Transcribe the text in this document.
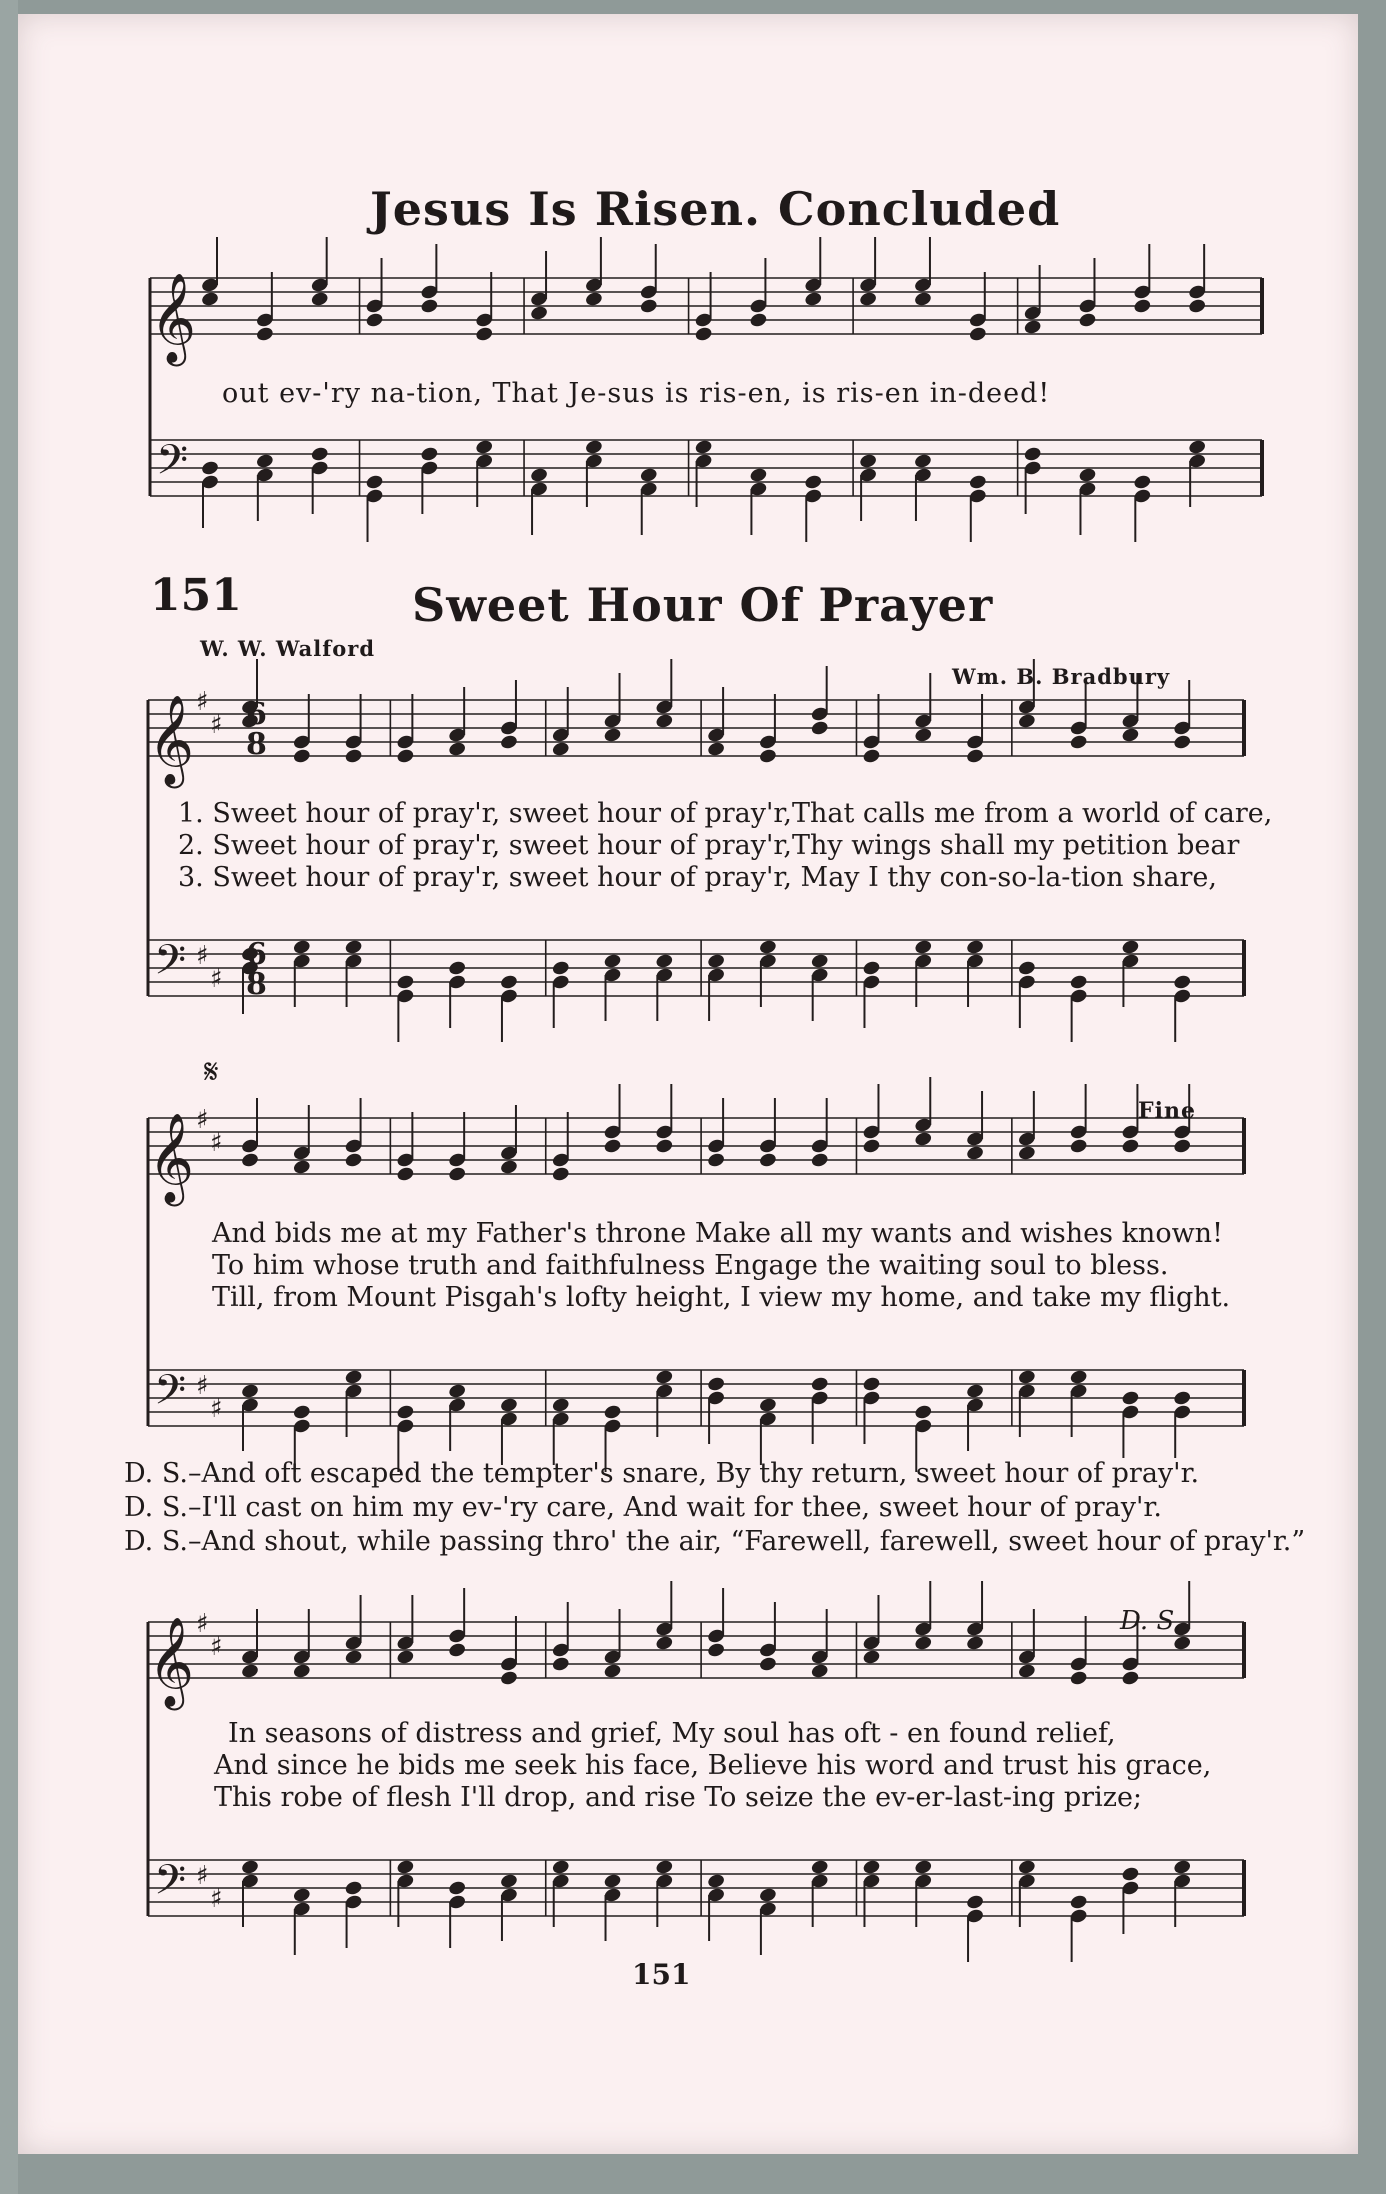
𝄞
𝄢
𝄞 ♯
♯
𝄢 ♯
♯
𝄞 ♯
♯
𝄢 ♯
♯
𝄞 ♯
♯
𝄢 ♯
♯
6
8
6
8
Jesus Is Risen. Concluded
out ev-'ry na-tion, That Je-sus is ris-en, is ris-en in-deed!
151	Sweet Hour Of Prayer
W. W. Walford
Wm. B. Bradbury
1. Sweet hour of pray'r, sweet hour of pray'r,That calls me from a world of care,
2. Sweet hour of pray'r, sweet hour of pray'r,Thy wings shall my petition bear
3. Sweet hour of pray'r, sweet hour of pray'r, May I thy con-so-la-tion share,
𝄋
Fine
And bids me at my Father's throne Make all my wants and wishes known!
To him whose truth and faithfulness Engage the waiting soul to bless.
Till, from Mount Pisgah's lofty height, I view my home, and take my flight.
D. S.–And oft escaped the tempter's snare, By thy return, sweet hour of pray'r.
D. S.–I'll cast on him my ev-'ry care, And wait for thee, sweet hour of pray'r.
D. S.–And shout, while passing thro' the air, “Farewell, farewell, sweet hour of pray'r.”
D. S.
In seasons of distress and grief, My soul has oft - en found relief,
And since he bids me seek his face, Believe his word and trust his grace,
This robe of flesh I'll drop, and rise To seize the ev-er-last-ing prize;
151
